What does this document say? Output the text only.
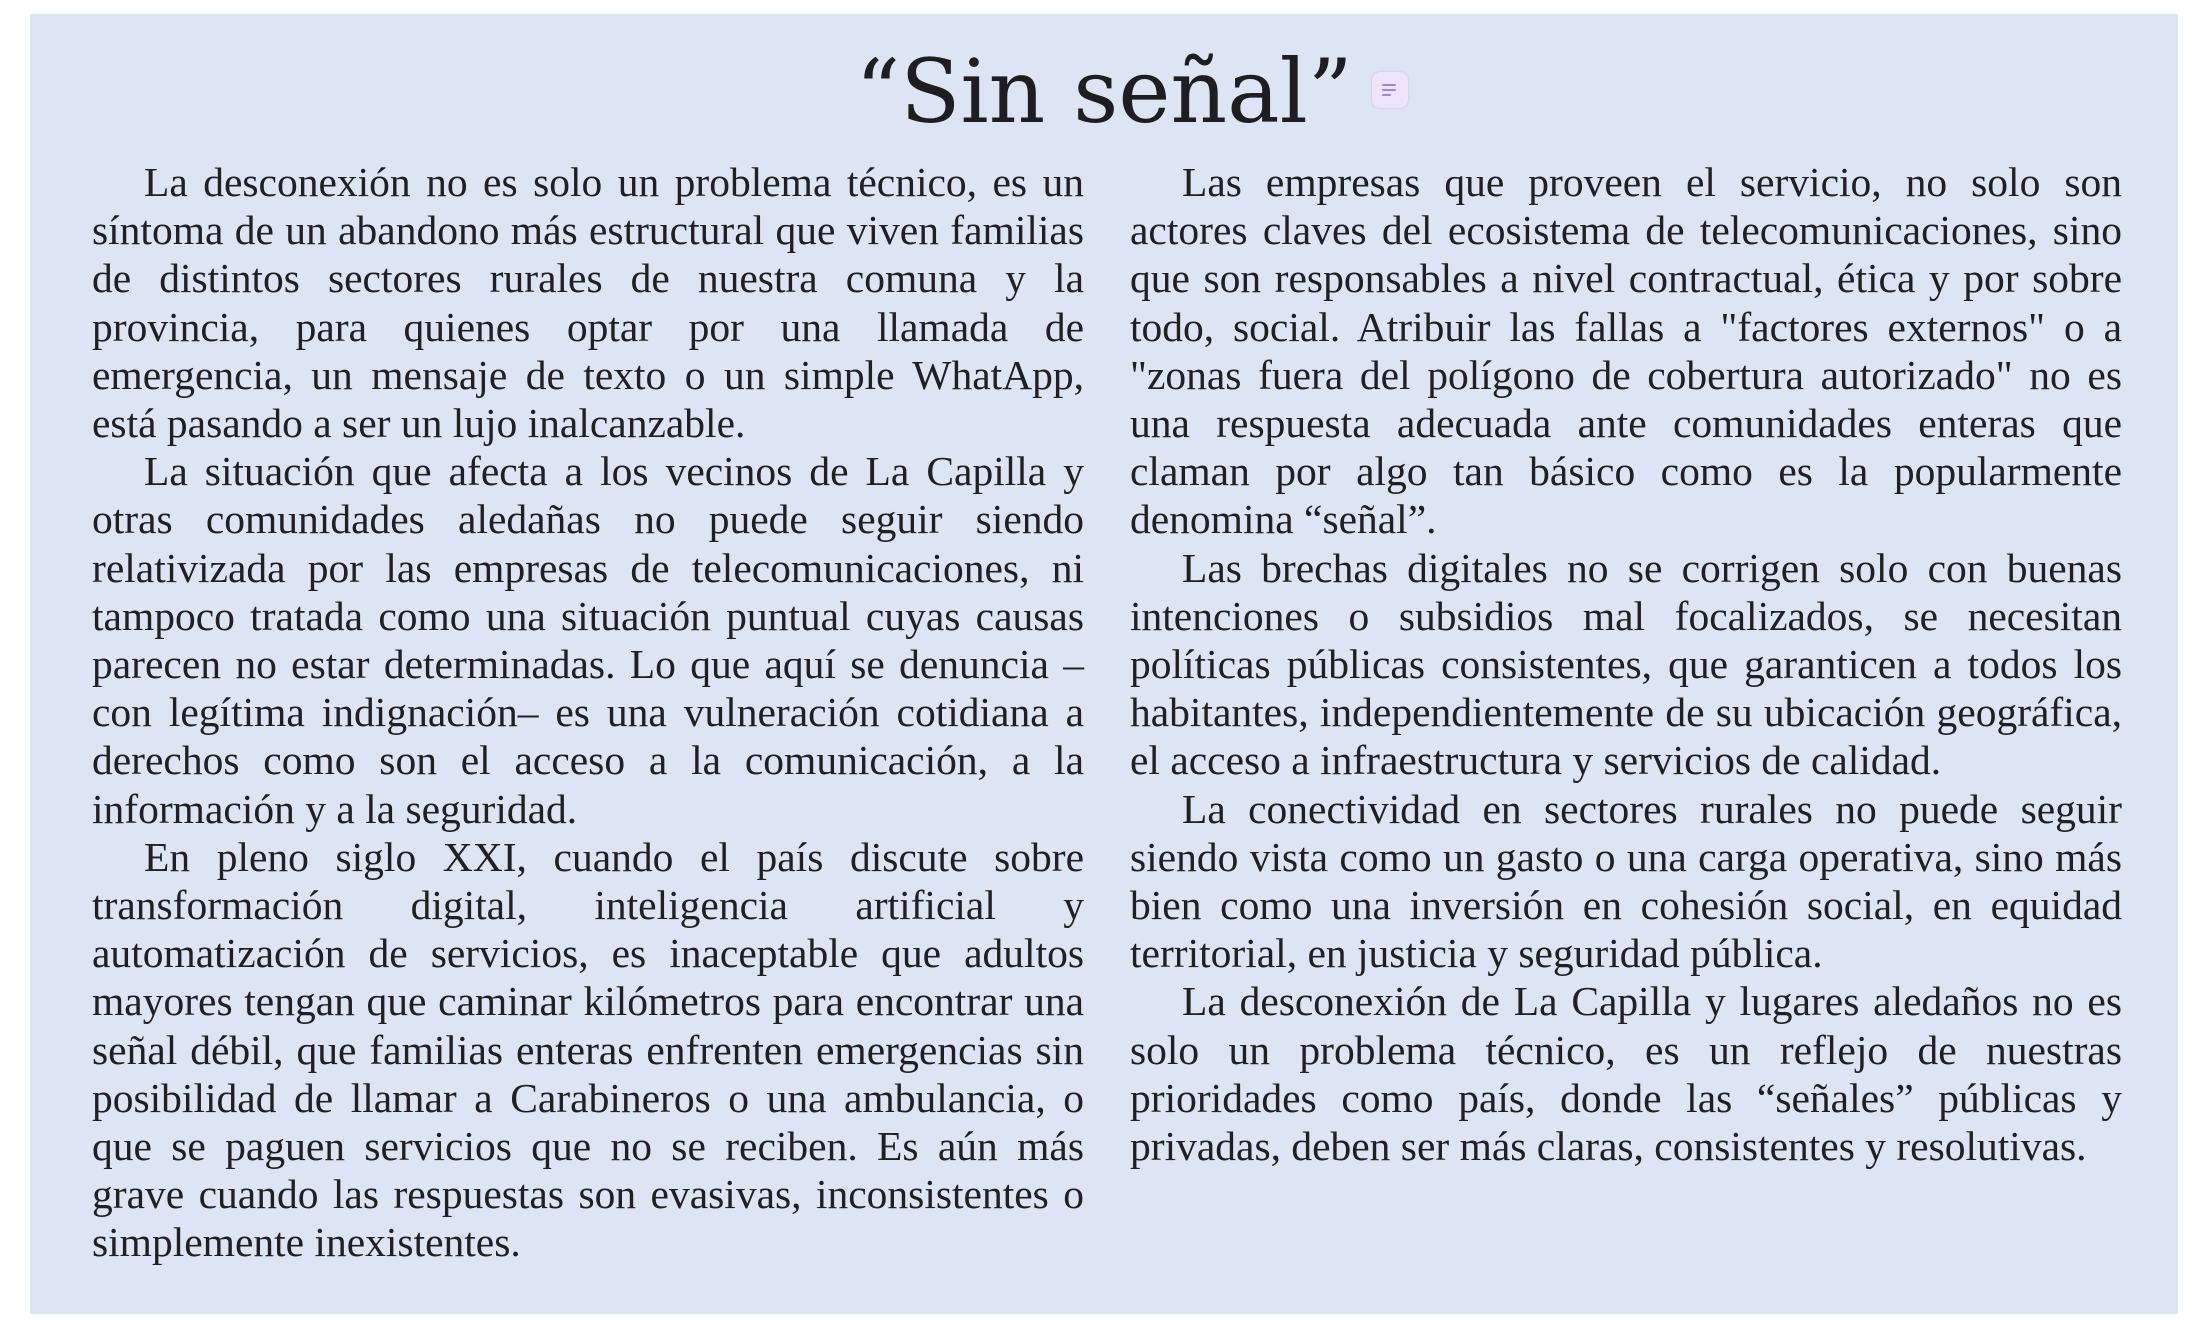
“Sin señal”

La desconexión no es solo un problema técnico, es un síntoma de un abandono más estructural que viven familias de distintos sectores rurales de nuestra comuna y la provincia, para quienes optar por una llamada de emergencia, un mensaje de texto o un simple WhatApp, está pasando a ser un lujo inalcanzable.

La situación que afecta a los vecinos de La Capilla y otras comunidades aledañas no puede seguir siendo relativizada por las empresas de telecomunicaciones, ni tampoco tratada como una situación puntual cuyas causas parecen no estar determinadas. Lo que aquí se denuncia –con legítima indignación– es una vulneración cotidiana a derechos como son el acceso a la comunicación, a la información y a la seguridad.

En pleno siglo XXI, cuando el país discute sobre transformación digital, inteligencia artificial y automatización de servicios, es inaceptable que adultos mayores tengan que caminar kilómetros para encontrar una señal débil, que familias enteras enfrenten emergencias sin posibilidad de llamar a Carabineros o una ambulancia, o que se paguen servicios que no se reciben. Es aún más grave cuando las respuestas son evasivas, inconsistentes o simplemente inexistentes.

Las empresas que proveen el servicio, no solo son actores claves del ecosistema de telecomunicaciones, sino que son responsables a nivel contractual, ética y por sobre todo, social. Atribuir las fallas a "factores externos" o a "zonas fuera del polígono de cobertura autorizado" no es una respuesta adecuada ante comunidades enteras que claman por algo tan básico como es la popularmente denomina “señal”.

Las brechas digitales no se corrigen solo con buenas intenciones o subsidios mal focalizados, se necesitan políticas públicas consistentes, que garanticen a todos los habitantes, independientemente de su ubicación geográfica, el acceso a infraestructura y servicios de calidad.

La conectividad en sectores rurales no puede seguir siendo vista como un gasto o una carga operativa, sino más bien como una inversión en cohesión social, en equidad territorial, en justicia y seguridad pública.

La desconexión de La Capilla y lugares aledaños no es solo un problema técnico, es un reflejo de nuestras prioridades como país, donde las “señales” públicas y privadas, deben ser más claras, consistentes y resolutivas.
